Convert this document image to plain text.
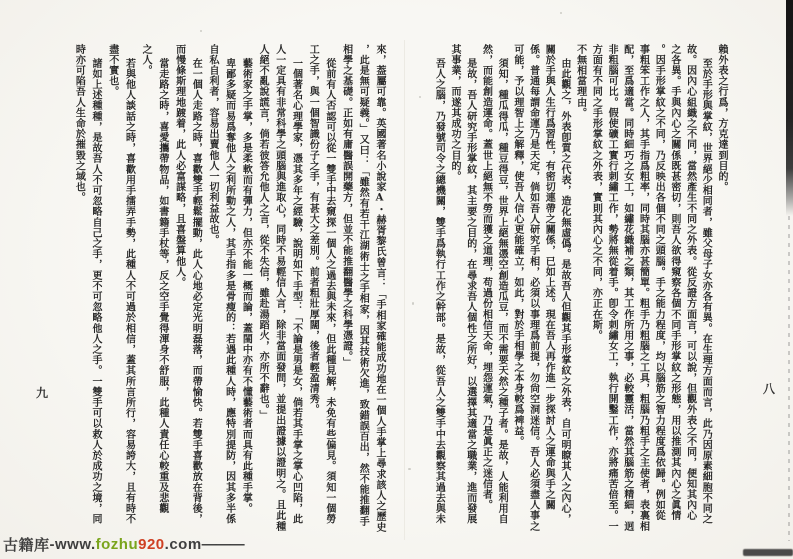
賴外表之行爲，方克達到目的。

至於手形與掌紋，世界絕少相同者，雖父母子女亦各有異。在生理方面而言，此乃因原素細胞不同之

故。因內心組織之不同，當然產生不同之外表。從反證方面言，可以說，但觀外表之不同，便知其內心

之各異。手與內心之關係既甚密切，則吾人欲得窺察各個不同手形掌紋之形態，用以推測其內心之眞情

。因手形掌紋之不同，乃反映出各個不同之頭腦。手之能力程度，均以腦筋之智力程度爲依歸。例如從

事粗笨工作之人，其手指爲粗率，同時其腦亦甚簡單。粗手乃粗腦之工具，粗腦乃粗手之主使者，表裏相

配，至爲適當。同時細巧之女工，如繡花織補之類，其工作所用之事，必較靈活，當然其腦筋之精細，迥

非粗腦可比。假使礦工實行刺繡工作，勢將無從着手。卽令刺繡女工，執行開鑿工作，亦將痛苦倍至。一

方面有不同之手形掌紋之外表，實則其內心之不同，亦正在斯。

不無相當理由。

由此觀之，外表卽質之代表，造化無虛僞。是故吾人但觀其手形掌紋之外表，自可明瞭其人之內心，

關於手與人生行爲習性，有密切連帶之關係，已如上述。現在吾人再作進一步探討人之運命與手之關

係。普通每謂命運乃是天定，倘如吾人研究手相，必須以事理爲前提，勿尙空洞迷信。吾人必須盡人事之

可能，予以理智上之解釋，使吾人信心更能確立，如此，對於手相學之本身較爲裨益。

須知，種瓜得瓜，種豆得豆，世界上絕無憑空創造瓜豆，而不需要天然之種子者。是故，人能利用自

然，而能創造運命。蓋世上絕無不勞而獲之道理，苟過份相信天命，埋怨運氣，乃是眞正之迷信者。

是故，吾人研究手形掌紋，其主要之目的，在尋求吾人個性之所好，以選擇其適當之職業，進而發展

其事業，而遂其成功之目的。

吾人之腦，乃發號司令之總機關，雙手爲執行工作之幹部。是故，從吾人之雙手中去觀察其過去與未

來，葢屬可靠。英國著名小說家A・赫胥黎氏曾言：「手相家確能成功地在一個人手掌上尋求該人之歷史

，此是無可疑義。」又曰：「雖然有若干江湖術士之手相家，因其技術欠進，致錯誤百出，然不能推翻手

相學之基礎。正如有庸醫誤開藥方，但並不能推翻醫學之科學憑證。」

從前有人否認可以從一雙手中去窺探一個人之過去與未來，但此種見解，未免有些偏見。須知一個勞

工之手，與一個智識份子之手，有甚大之差別。前者粗壯厚闊，後者輕盈清秀。

一個著名心理學家，憑其多年之經驗，說明如下手型：「不論是男是女，倘若其手掌之掌心凹陷，此

人一定具有非常科學之頭腦與進取心，同時不易輕信人言，除非當面發問，並提出證據以證明之。且此種

人絕不亂說謊言，倘若彼答允他人之言，從不失信，雖赴湯蹈火，亦所不辭也。」

藝術家之手掌，多是柔軟而有彈力，但亦不能一概而論，蓋閨中亦有不懂藝術者而具有此種手掌。

卑鄙多疑而易爲奪他人之利所動之人，其手指多是骨瘦的：若遇此種人時，應特別提防，因其多半係

自私自利者，容易出賣他人一切利益故也。

在一個人走路之時，喜歡雙手輕鬆擺動，此人心地必定光明磊落，而帶愉快。若雙手喜歡放在背後，

而慢條斯理地踱着，此人必富謀略，且喜盤算他人。

當走路之時，喜愛攜帶物品，如書籍手杖等，反之空手覺得渾身不舒服，此種人責任心較重及悲觀

之人。

若與他人談話之時，喜歡用手擂弄手勢，此種人不可過於相信，蓋其所言所行，容易誇大，且有時不

盡不實也。

諸如上述種種，是故吾人不可忽略自己之手，更不可忽略他人之手。一雙手可以救人於成功之境，同

時亦可陷吾人生命於摧毀之域也。

八
九
古籍库-www.fozhu920.com———
